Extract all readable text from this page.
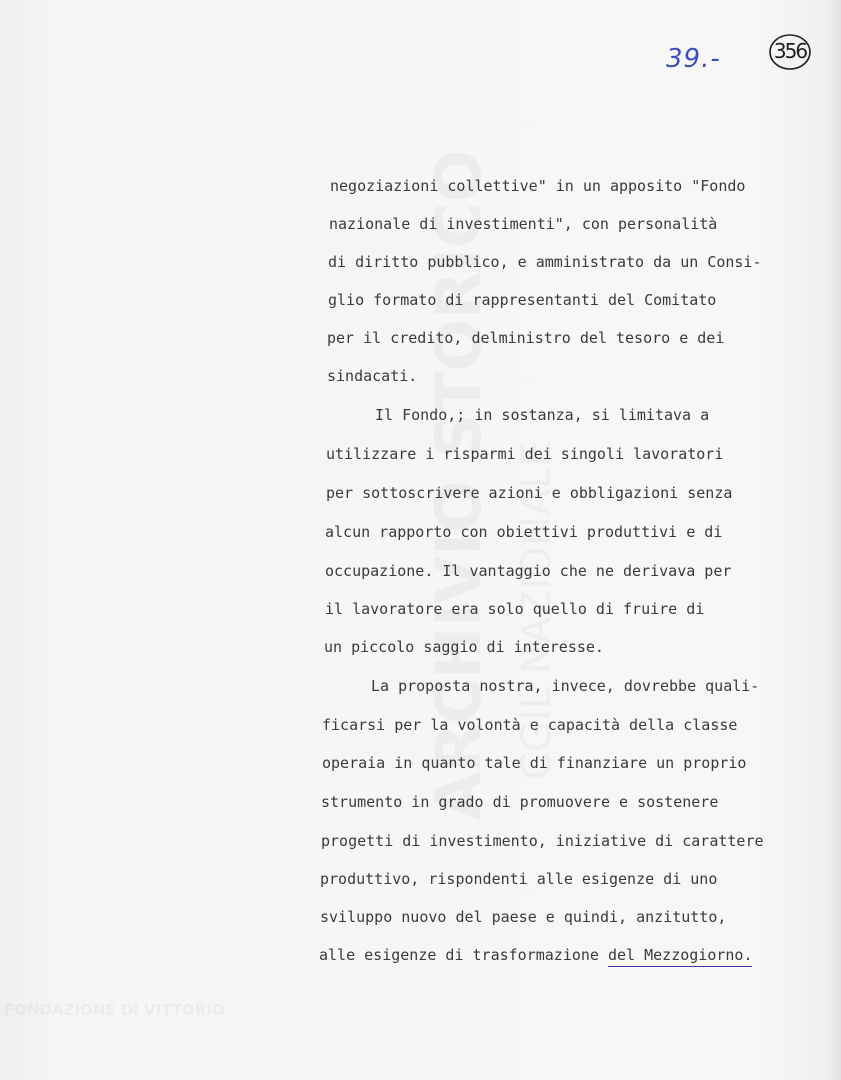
39.-	356
ARCHIVIO STORICO CGIL NAZIONALE
FONDAZIONE DI VITTORIO
negoziazioni collettive" in un apposito "Fondo
nazionale di investimenti", con personalità
di diritto pubblico, e amministrato da un Consi-
glio formato di rappresentanti del Comitato
per il credito, delministro del tesoro e dei
sindacati.
Il Fondo,; in sostanza, si limitava a
utilizzare i risparmi dei singoli lavoratori
per sottoscrivere azioni e obbligazioni senza
alcun rapporto con obiettivi produttivi e di
occupazione. Il vantaggio che ne derivava per
il lavoratore era solo quello di fruire di
un piccolo saggio di interesse.
La proposta nostra, invece, dovrebbe quali-
ficarsi per la volontà e capacità della classe
operaia in quanto tale di finanziare un proprio
strumento in grado di promuovere e sostenere
progetti di investimento, iniziative di carattere
produttivo, rispondenti alle esigenze di uno
sviluppo nuovo del paese e quindi, anzitutto,
alle esigenze di trasformazione del Mezzogiorno.
